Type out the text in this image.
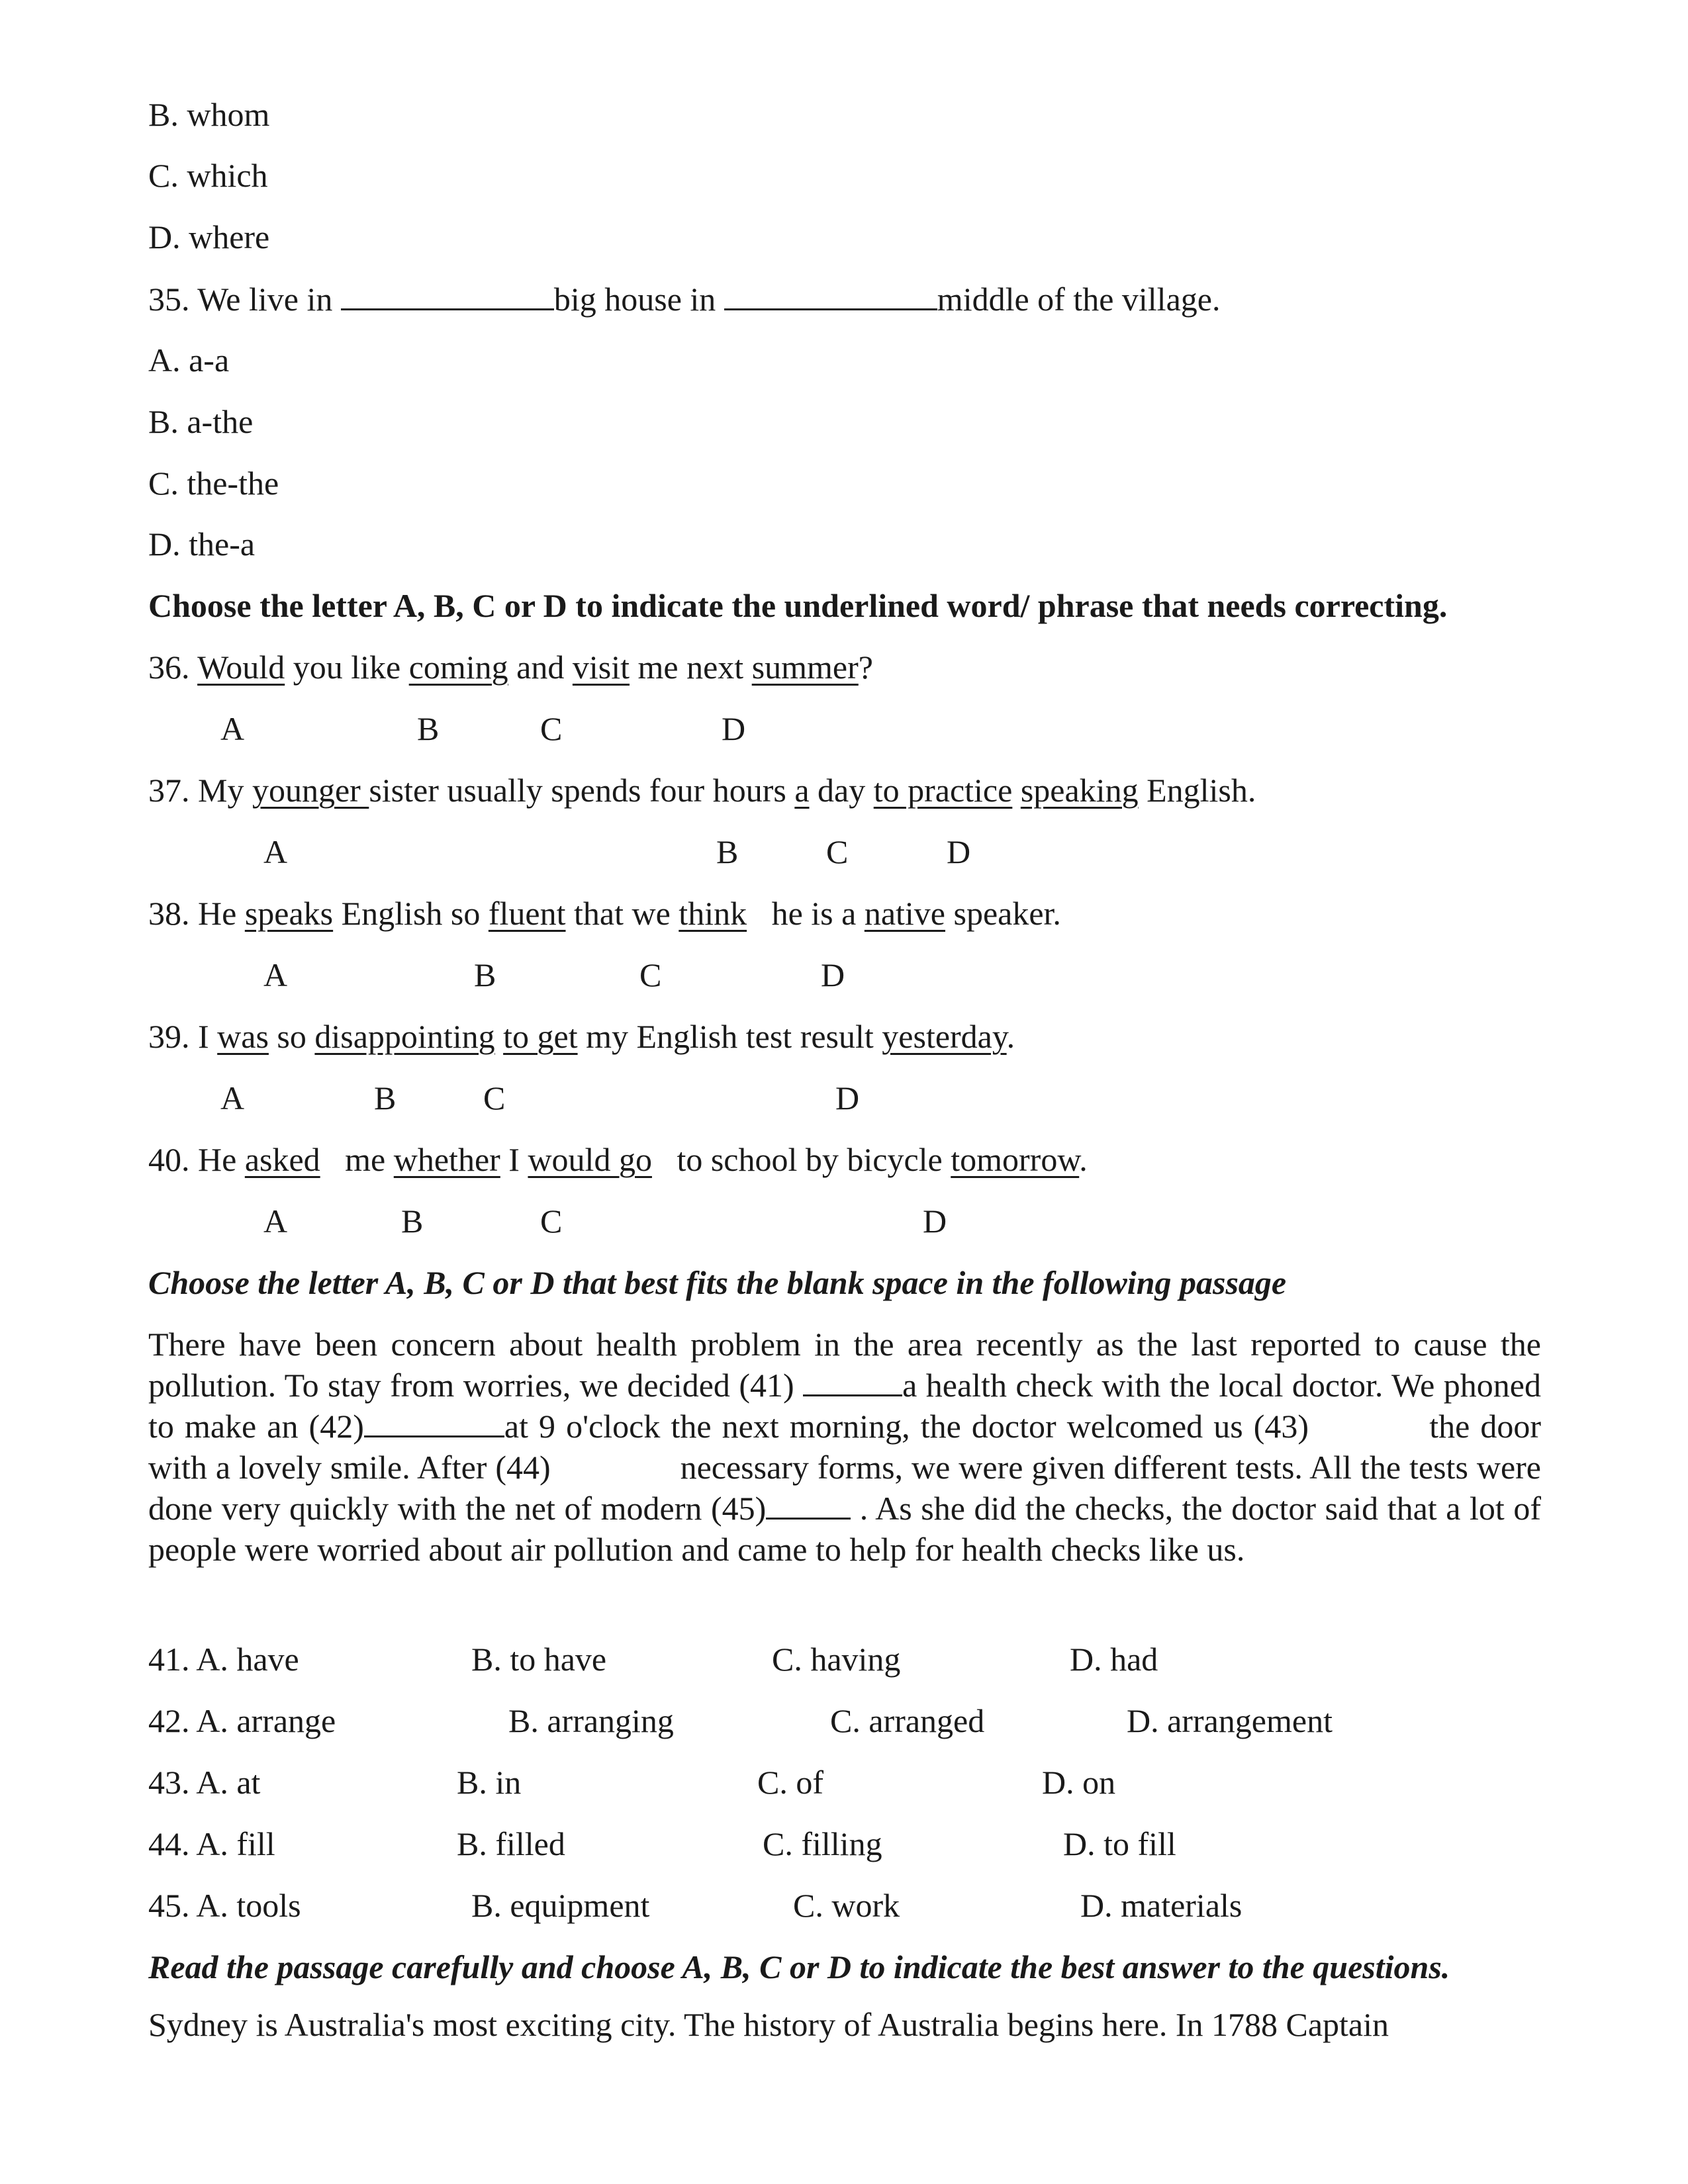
B. whom
C. which
D. where
35. We live in	big house in	middle of the village.
A. a-a
B. a-the
C. the-the
D. the-a
Choose the letter A, B, C or D to indicate the underlined word/ phrase that needs correcting.
36. Would you like coming and visit me next summer?
A	B	C	D
37. My younger sister usually spends four hours a day to practice speaking English.
A	B	C	D
38. He speaks English so fluent that we think   he is a native speaker.
A	B	C	D
39. I was so disappointing to get my English test result yesterday.
A	B	C	D
40. He asked   me whether I would go   to school by bicycle tomorrow.
A	B	C	D
Choose the letter A, B, C or D that best fits the blank space in the following passage
There have been concern about health problem in the area recently as the last reported to cause the pollution. To stay from worries, we decided (41)	a health check with the local doctor. We phoned to make an (42)	at 9 o'clock the next morning, the doctor welcomed us (43)	the door with a lovely smile. After (44)	necessary forms, we were given different tests. All the tests were done very quickly with the net of modern (45)	. As she did the checks, the doctor said that a lot of people were worried about air pollution and came to help for health checks like us.
41. A. have	B. to have	C. having	D. had
42. A. arrange	B. arranging	C. arranged	D. arrangement
43. A. at	B. in	C. of	D. on
44. A. fill	B. filled	C. filling	D. to fill
45. A. tools	B. equipment	C. work	D. materials
Read the passage carefully and choose A, B, C or D to indicate the best answer to the questions.
Sydney is Australia's most exciting city. The history of Australia begins here. In 1788 Captain
